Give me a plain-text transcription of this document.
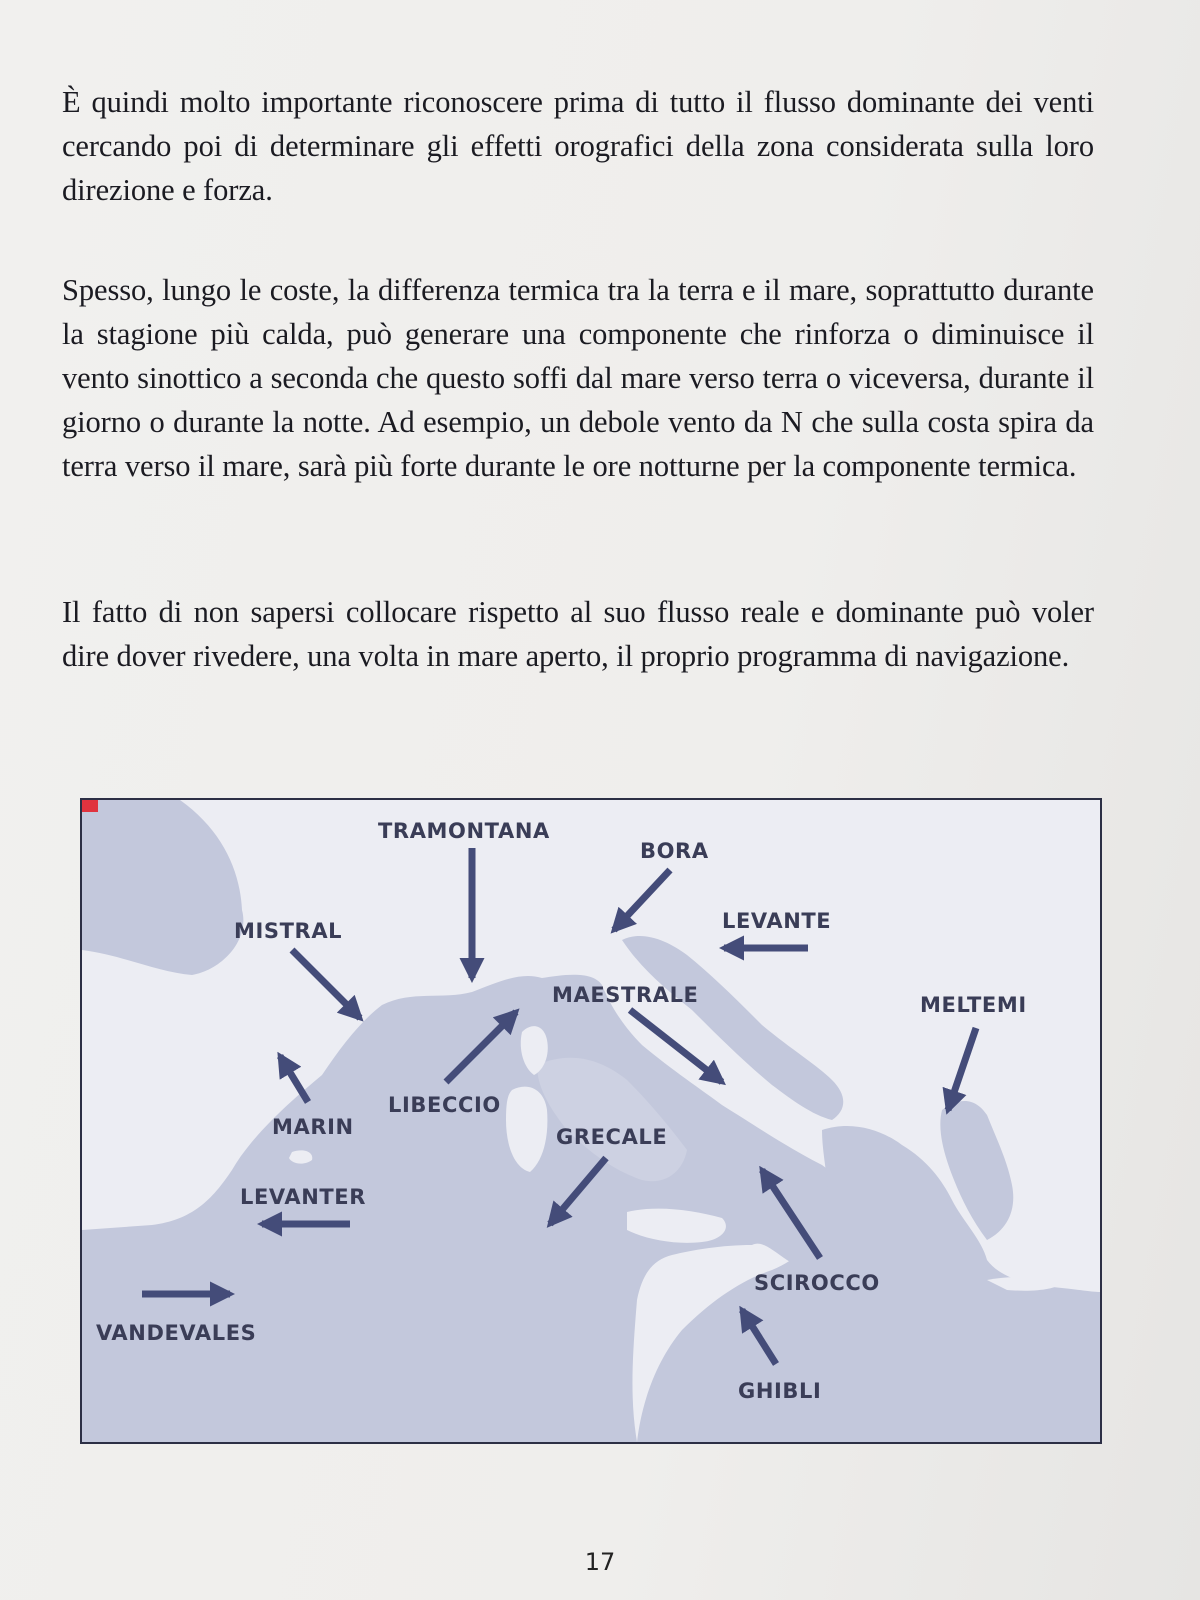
È quindi molto importante riconoscere prima di tutto il flusso dominante dei venti cercando poi di determinare gli effetti orografici della zona considerata sulla loro direzione e forza.

Spesso, lungo le coste, la differenza termica tra la terra e il mare, soprattutto durante la stagione più calda, può generare una componente che rinforza o diminuisce il vento sinottico a seconda che questo soffi dal mare verso terra o viceversa, durante il giorno o durante la notte. Ad esempio, un debole vento da N che sulla costa spira da terra verso il mare, sarà più forte durante le ore notturne per la componente termica.

Il fatto di non sapersi collocare rispetto al suo flusso reale e dominante può voler dire dover rivedere, una volta in mare aperto, il proprio programma di navigazione.

TRAMONTANA
BORA
LEVANTE
MISTRAL
MAESTRALE	MELTEMI
LIBECCIO
MARIN	GRECALE
LEVANTER
SCIROCCO
VANDEVALES
GHIBLI
17
